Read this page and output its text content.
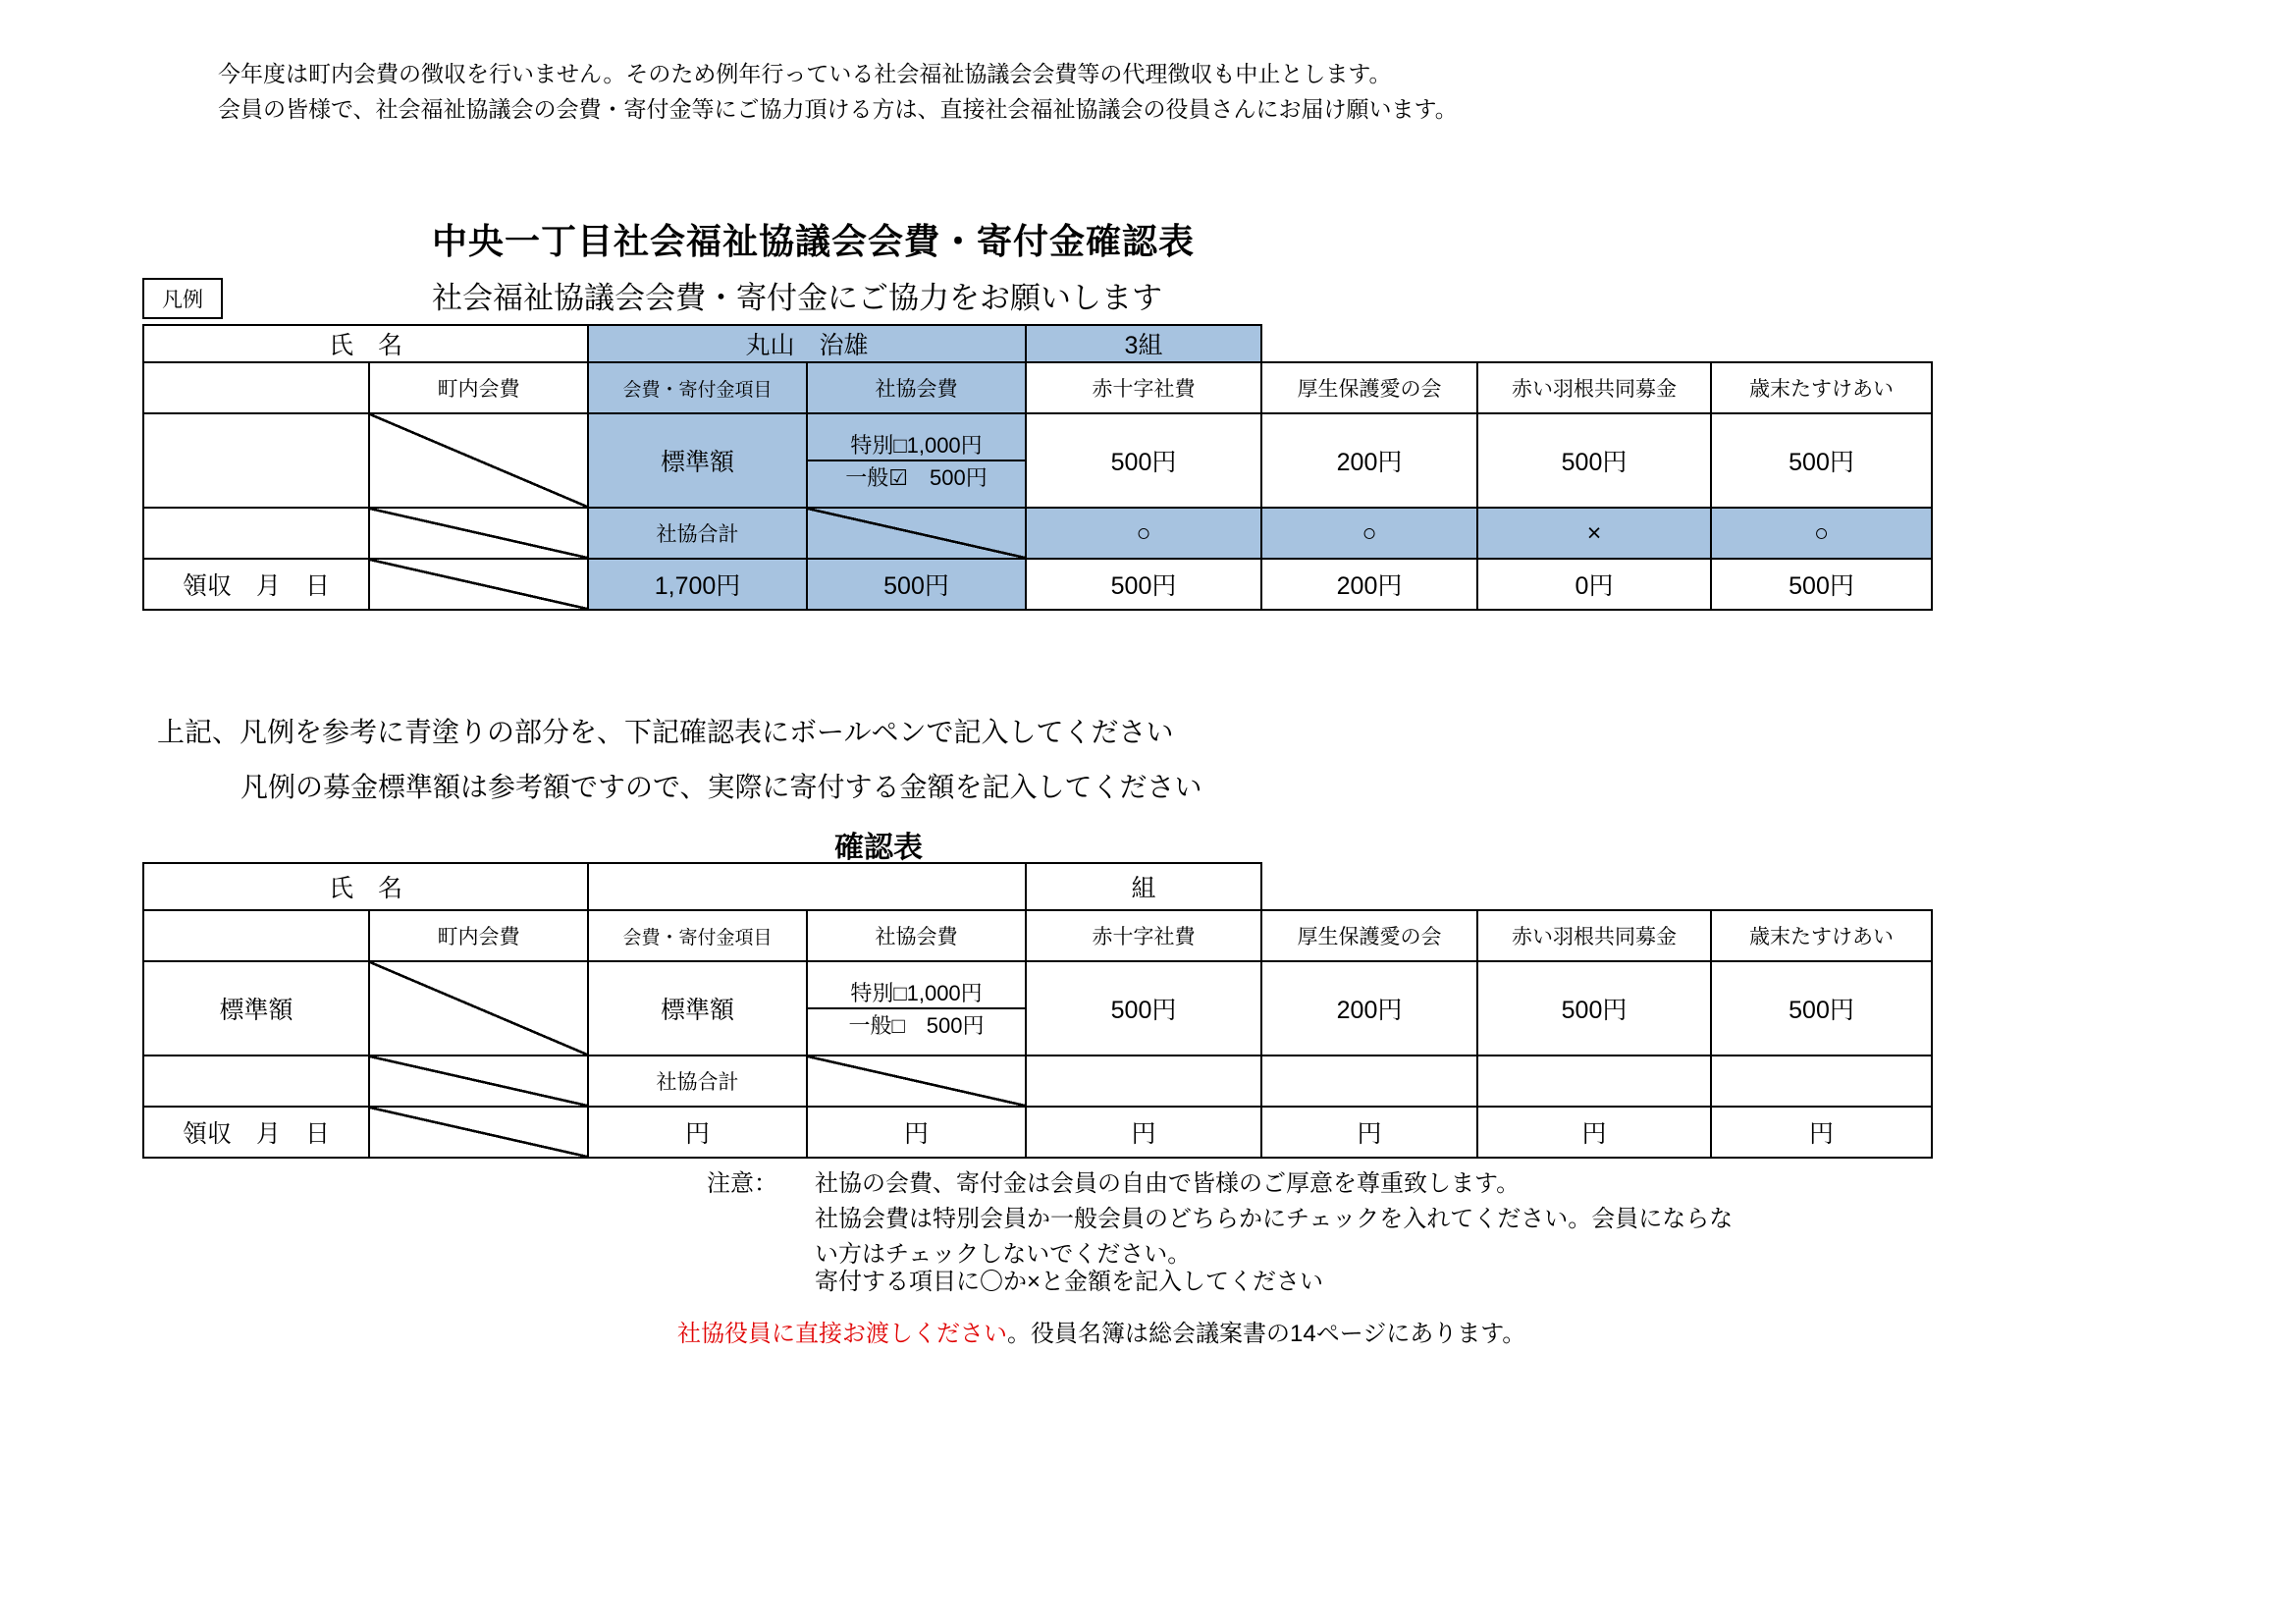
今年度は町内会費の徴収を行いません。そのため例年行っている社会福祉協議会会費等の代理徴収も中止とします。
会員の皆様で、社会福祉協議会の会費・寄付金等にご協力頂ける方は、直接社会福祉協議会の役員さんにお届け願います。
中央一丁目社会福祉協議会会費・寄付金確認表
社会福祉協議会会費・寄付金にご協力をお願いします
凡例
氏　名		丸山　治雄		3組			
	町内会費	会費・寄付金項目	社協会費	赤十字社費	厚生保護愛の会	赤い羽根共同募金	歳末たすけあい
		標準額	特別□1,000円
一般☑　500円	500円	200円	500円	500円
		社協合計		○	○	×	○
領収　月　日		1,700円	500円	500円	200円	0円	500円
上記、凡例を参考に青塗りの部分を、下記確認表にボールペンで記入してください
凡例の募金標準額は参考額ですので、実際に寄付する金額を記入してください
確認表
氏　名				組			
	町内会費	会費・寄付金項目	社協会費	赤十字社費	厚生保護愛の会	赤い羽根共同募金	歳末たすけあい
標準額		標準額	特別□1,000円
一般□　500円	500円	200円	500円	500円
		社協合計					
領収　月　日		円	円	円	円	円	円
注意： 社協の会費、寄付金は会員の自由で皆様のご厚意を尊重致します。
社協会費は特別会員か一般会員のどちらかにチェックを入れてください。会員にならな
い方はチェックしないでください。
寄付する項目に〇か×と金額を記入してください
社協役員に直接お渡しください。役員名簿は総会議案書の14ページにあります。
